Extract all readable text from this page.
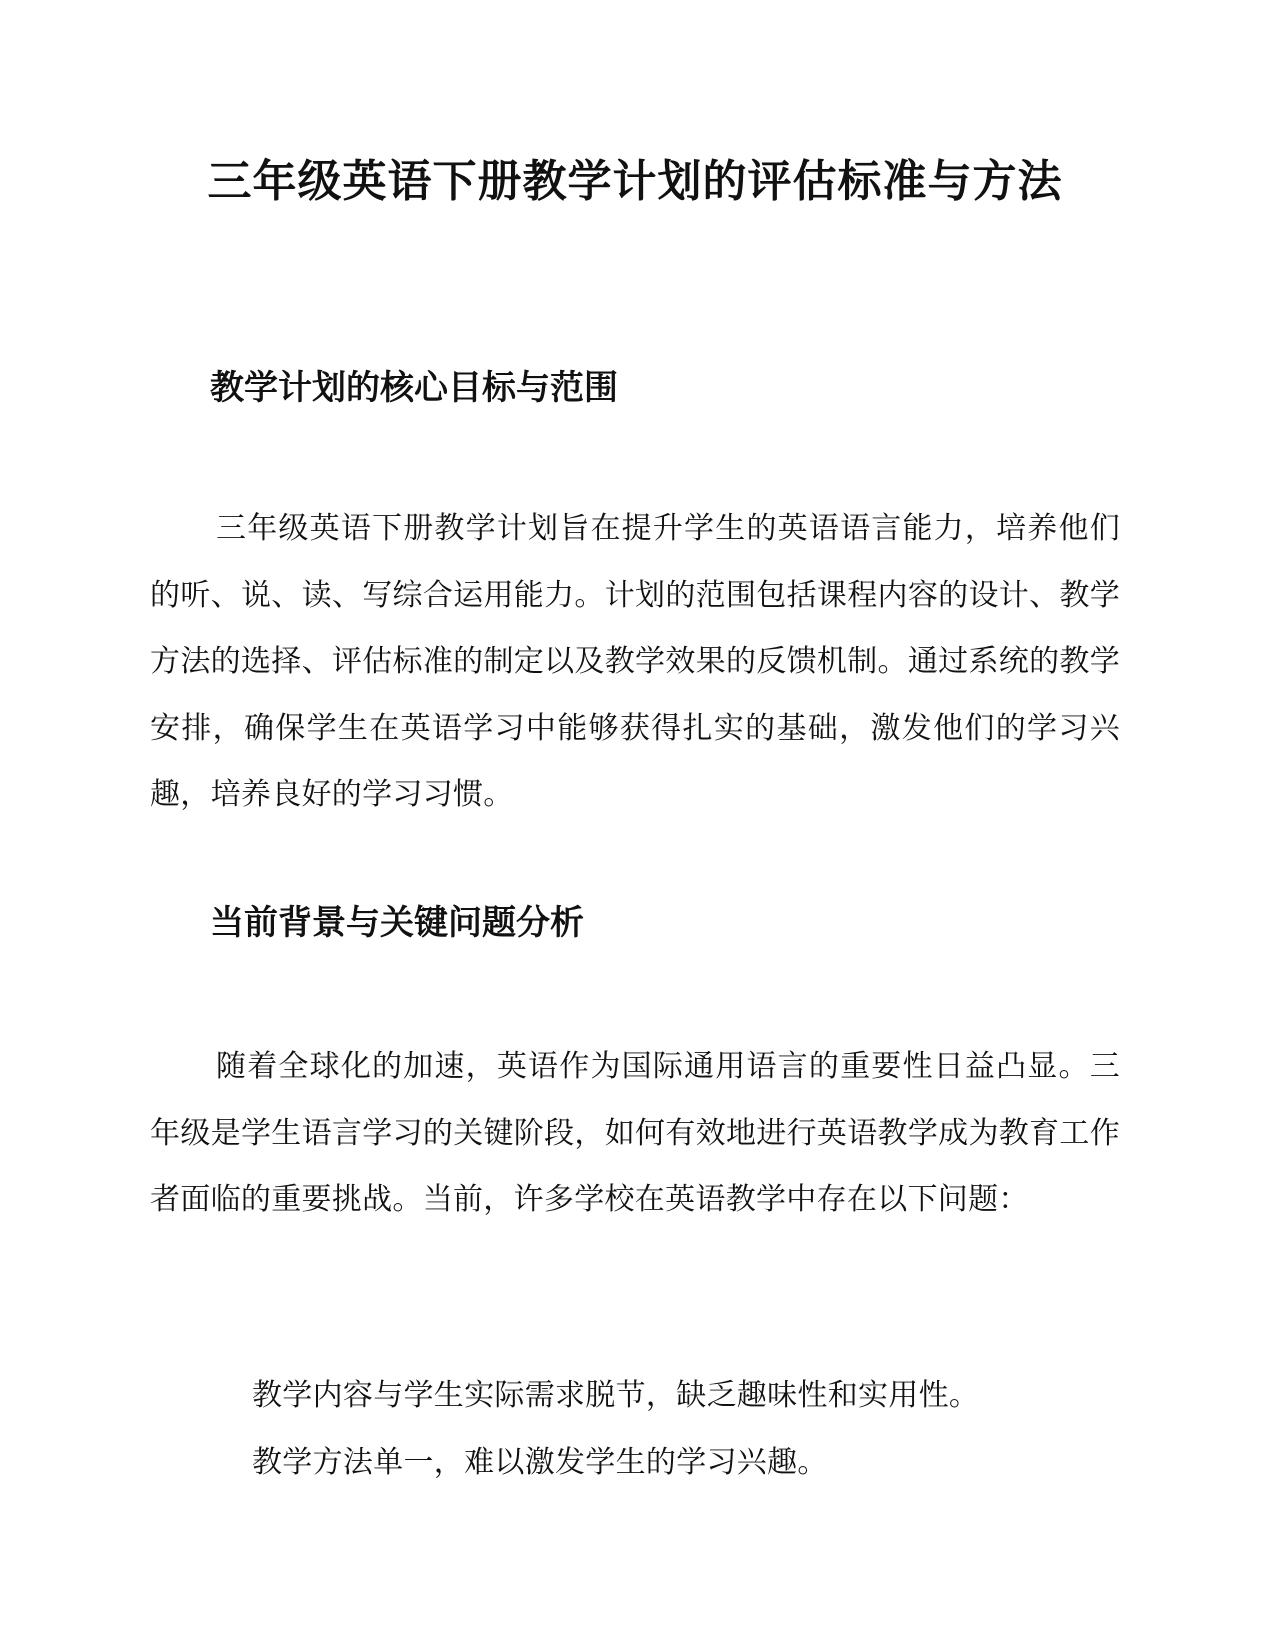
三年级英语下册教学计划的评估标准与方法
教学计划的核心目标与范围

三年级英语下册教学计划旨在提升学生的英语语言能力，培养他们的听、说、读、写综合运用能力。计划的范围包括课程内容的设计、教学方法的选择、评估标准的制定以及教学效果的反馈机制。通过系统的教学安排，确保学生在英语学习中能够获得扎实的基础，激发他们的学习兴趣，培养良好的学习习惯。

当前背景与关键问题分析

随着全球化的加速，英语作为国际通用语言的重要性日益凸显。三年级是学生语言学习的关键阶段，如何有效地进行英语教学成为教育工作者面临的重要挑战。当前，许多学校在英语教学中存在以下问题：

教学内容与学生实际需求脱节，缺乏趣味性和实用性。
教学方法单一，难以激发学生的学习兴趣。
